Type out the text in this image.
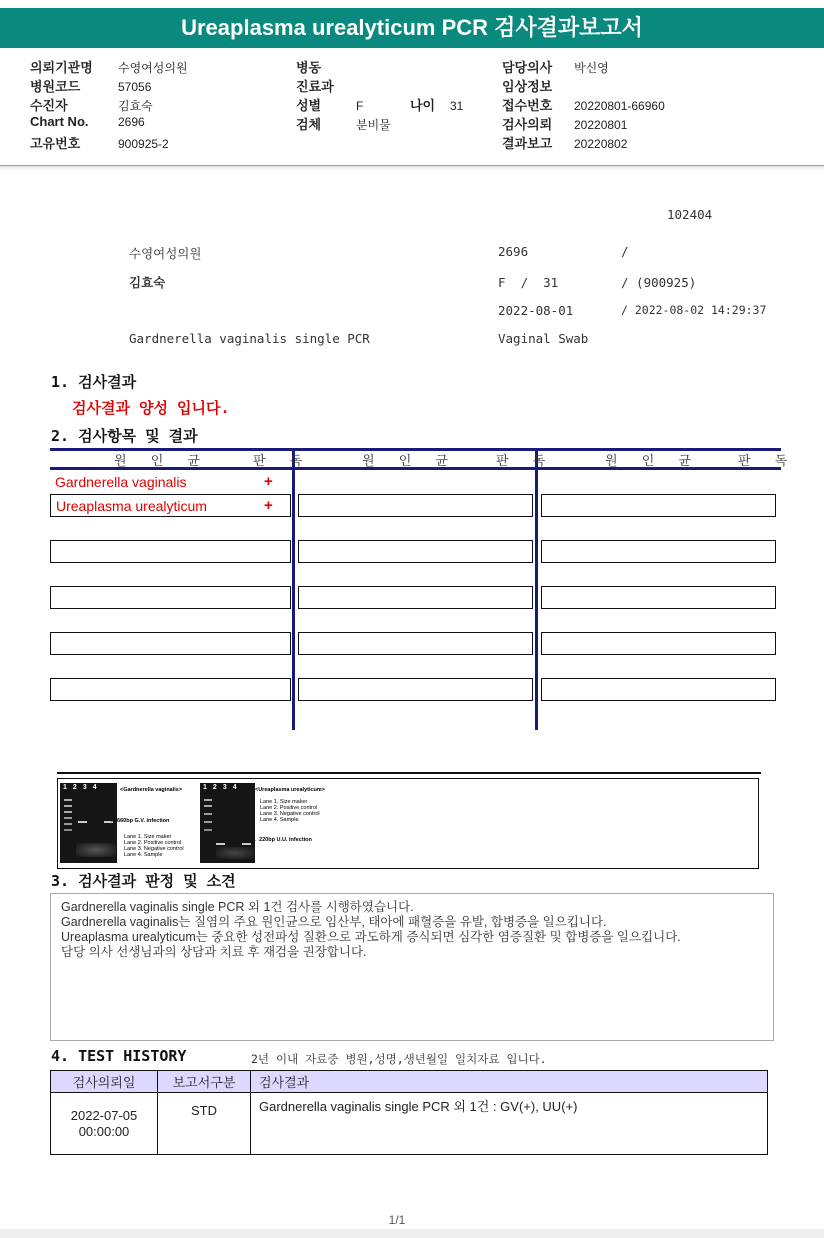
Ureaplasma urealyticum PCR 검사결과보고서
의뢰기관명 수영여성의원
병원코드	57056
수진자	김효숙
Chart No. 2696
고유번호	900925-2
병동
진료과
성별	F	나이 31
검체	분비물
담당의사 박신영
임상정보
접수번호 20220801-66960
검사의뢰 20220801
결과보고 20220802
102404
수영여성의원	2696	/
김효숙	F  /  31	/ (900925)
2022-08-01	/ 2022-08-02 14:29:37
Gardnerella vaginalis single PCR	Vaginal Swab
1. 검사결과
검사결과 양성 입니다.
2. 검사항목 및 결과
원 인 균	판 독	원 인 균	판 독	원 인 균	판 독
Gardnerella vaginalis	+
Ureaplasma urealyticum	+
1234	<Gardnerella vaginalis>
← 660bp G.V. infection
Lane 1. Size maker
Lane 2. Positive control
Lane 3. Negative control
Lane 4. Sample
1234 <Ureaplasma urealyticum>
Lane 1. Size maker
Lane 2. Positive control
Lane 3. Negative control
Lane 4. Sample
← 220bp U.U. infection
3. 검사결과 판정 및 소견
Gardnerella vaginalis single PCR 외 1건 검사를 시행하였습니다.
Gardnerella vaginalis는 질염의 주요 원인균으로 임산부, 태아에 패혈증을 유발, 합병증을 일으킵니다.
Ureaplasma urealyticum는 중요한 성전파성 질환으로 과도하게 증식되면 심각한 염증질환 및 합병증을 일으킵니다.
담당 의사 선생님과의 상담과 치료 후 재검을 권장합니다.
4. TEST HISTORY	2년 이내 자료중 병원,성명,생년월일 일치자료 입니다.
검사의뢰일	보고서구분	검사결과

2022-07-05
00:00:00	STD	Gardnerella vaginalis single PCR 외 1건 : GV(+), UU(+)
1/1
